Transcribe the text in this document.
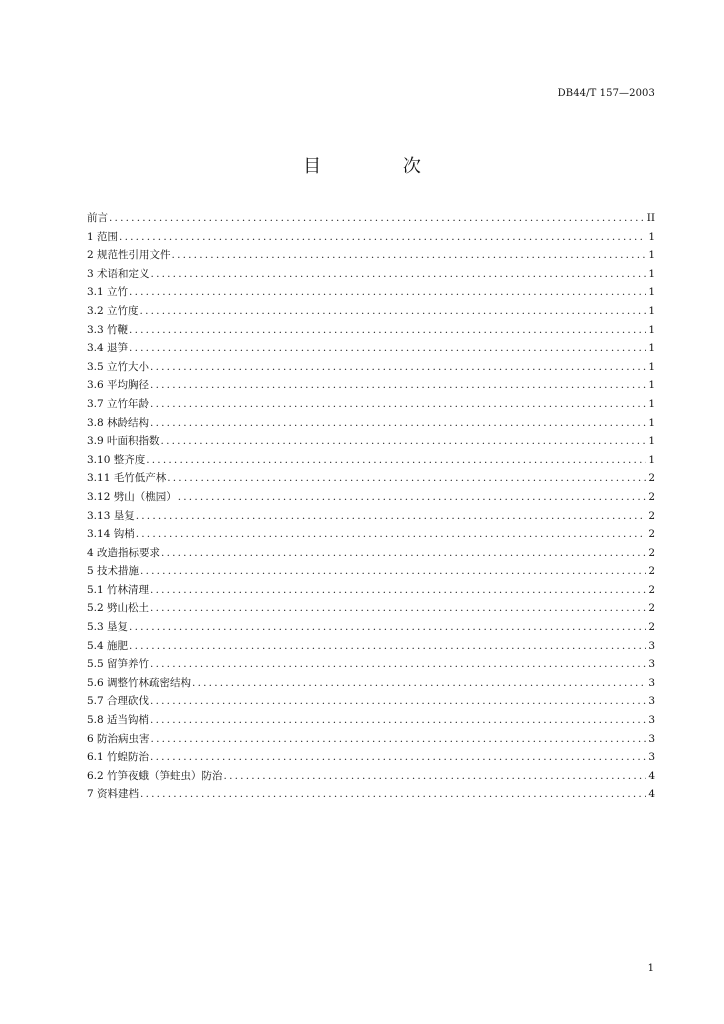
DB44/T 157—2003
目 次
前言 .....	II
1 范围 .....	1
2 规范性引用文件 .....	1
3 术语和定义 .....	1
3.1 立竹 .....	1
3.2 立竹度 .....	1
3.3 竹鞭 .....	1
3.4 退笋 .....	1
3.5 立竹大小 .....	1
3.6 平均胸径 .....	1
3.7 立竹年龄 .....	1
3.8 林龄结构 .....	1
3.9 叶面积指数 .....	1
3.10 整齐度 .....	1
3.11 毛竹低产林 .....	2
3.12 劈山（樵园） .....	2
3.13 垦复 .....	2
3.14 钩梢 .....	2
4 改造指标要求 .....	2
5 技术措施 .....	2
5.1 竹林清理 .....	2
5.2 劈山松土 .....	2
5.3 垦复 .....	2
5.4 施肥 .....	3
5.5 留笋养竹 .....	3
5.6 调整竹林疏密结构 .....	3
5.7 合理砍伐 .....	3
5.8 适当钩梢 .....	3
6 防治病虫害 .....	3
6.1 竹蝗防治 .....	3
6.2 竹笋夜蛾（笋蛀虫）防治 .....	4
7 资料建档 .....	4
1
